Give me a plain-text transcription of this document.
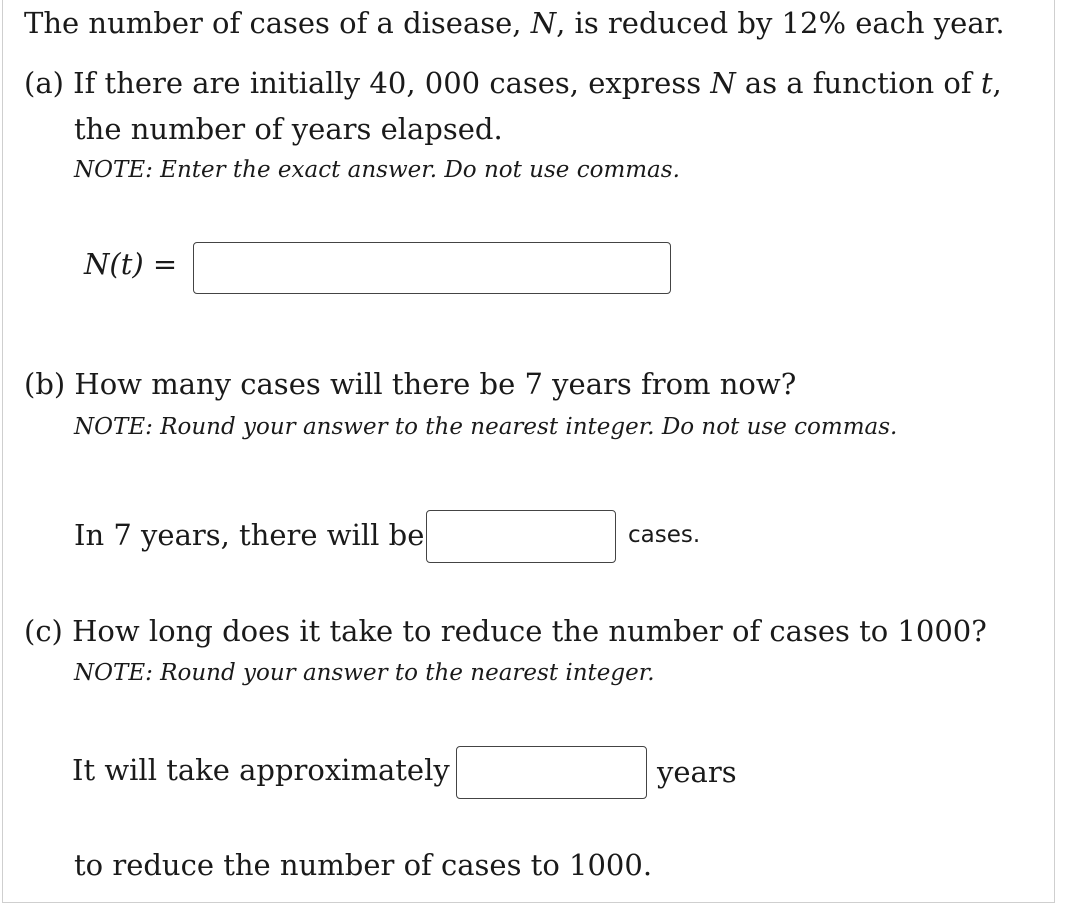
The number of cases of a disease, N, is reduced by 12% each year.
(a) If there are initially 40, 000 cases, express N as a function of t,
the number of years elapsed.
NOTE: Enter the exact answer. Do not use commas.
N(t) =
(b) How many cases will there be 7 years from now?
NOTE: Round your answer to the nearest integer. Do not use commas.
In 7 years, there will be	cases.
(c) How long does it take to reduce the number of cases to 1000?
NOTE: Round your answer to the nearest integer.
It will take approximately	years
to reduce the number of cases to 1000.
